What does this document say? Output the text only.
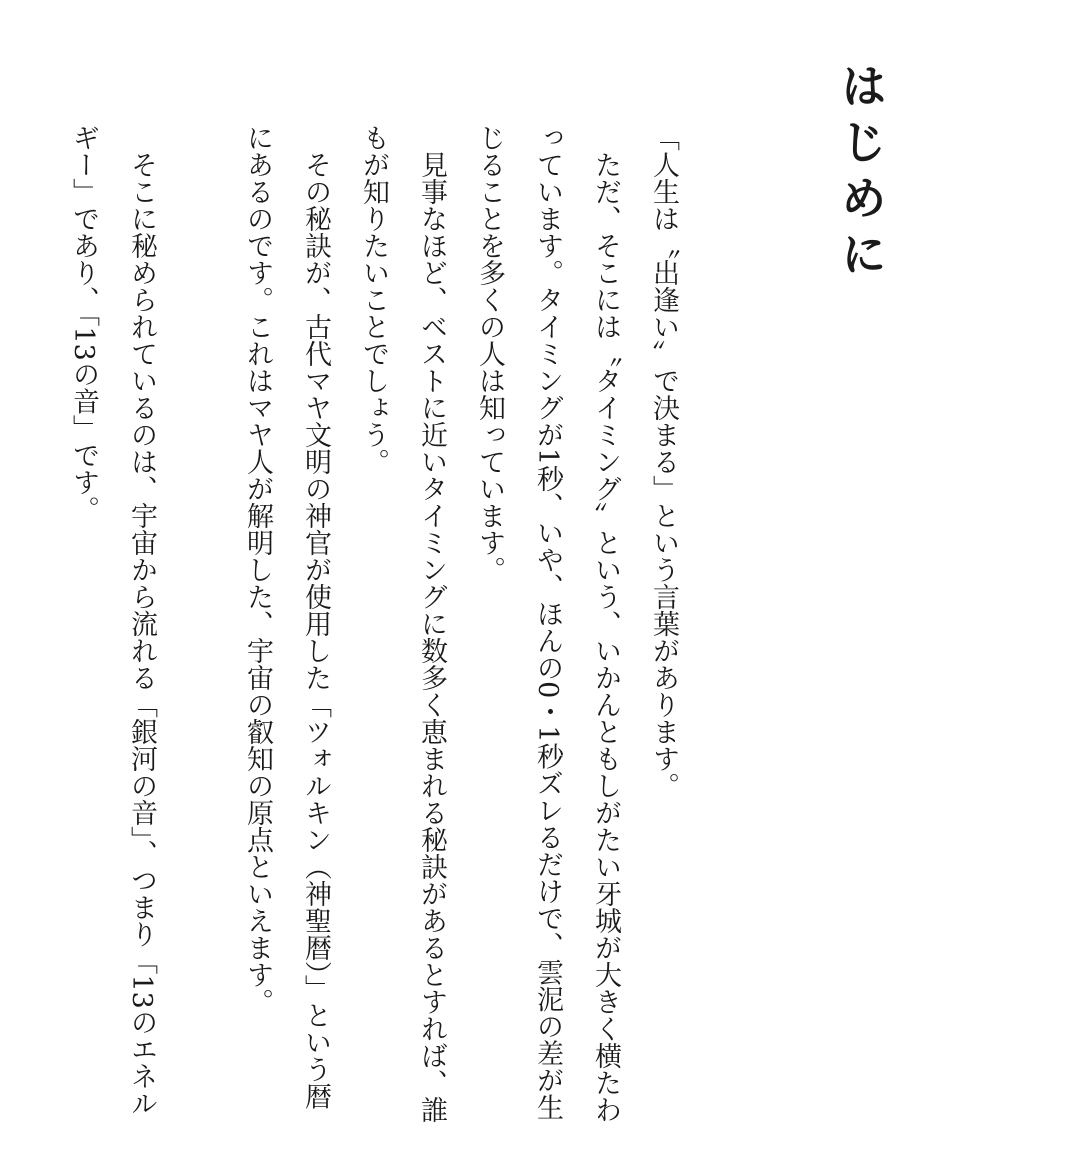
はじめに

「人生は〝出逢い〟で決まる」という言葉があります。

ただ、そこには〝タイミング〟という、いかんともしがたい牙城が大きく横たわっています。タイミングが1秒、いや、ほんの0・1秒ズレるだけで、雲泥の差が生じることを多くの人は知っています。

見事なほど、ベストに近いタイミングに数多く恵まれる秘訣があるとすれば、誰もが知りたいことでしょう。

その秘訣が、古代マヤ文明の神官が使用した「ツォルキン（神聖暦）」という暦にあるのです。これはマヤ人が解明した、宇宙の叡知の原点といえます。

そこに秘められているのは、宇宙から流れる「銀河の音」、つまり「13のエネルギー」であり、「13の音」です。
